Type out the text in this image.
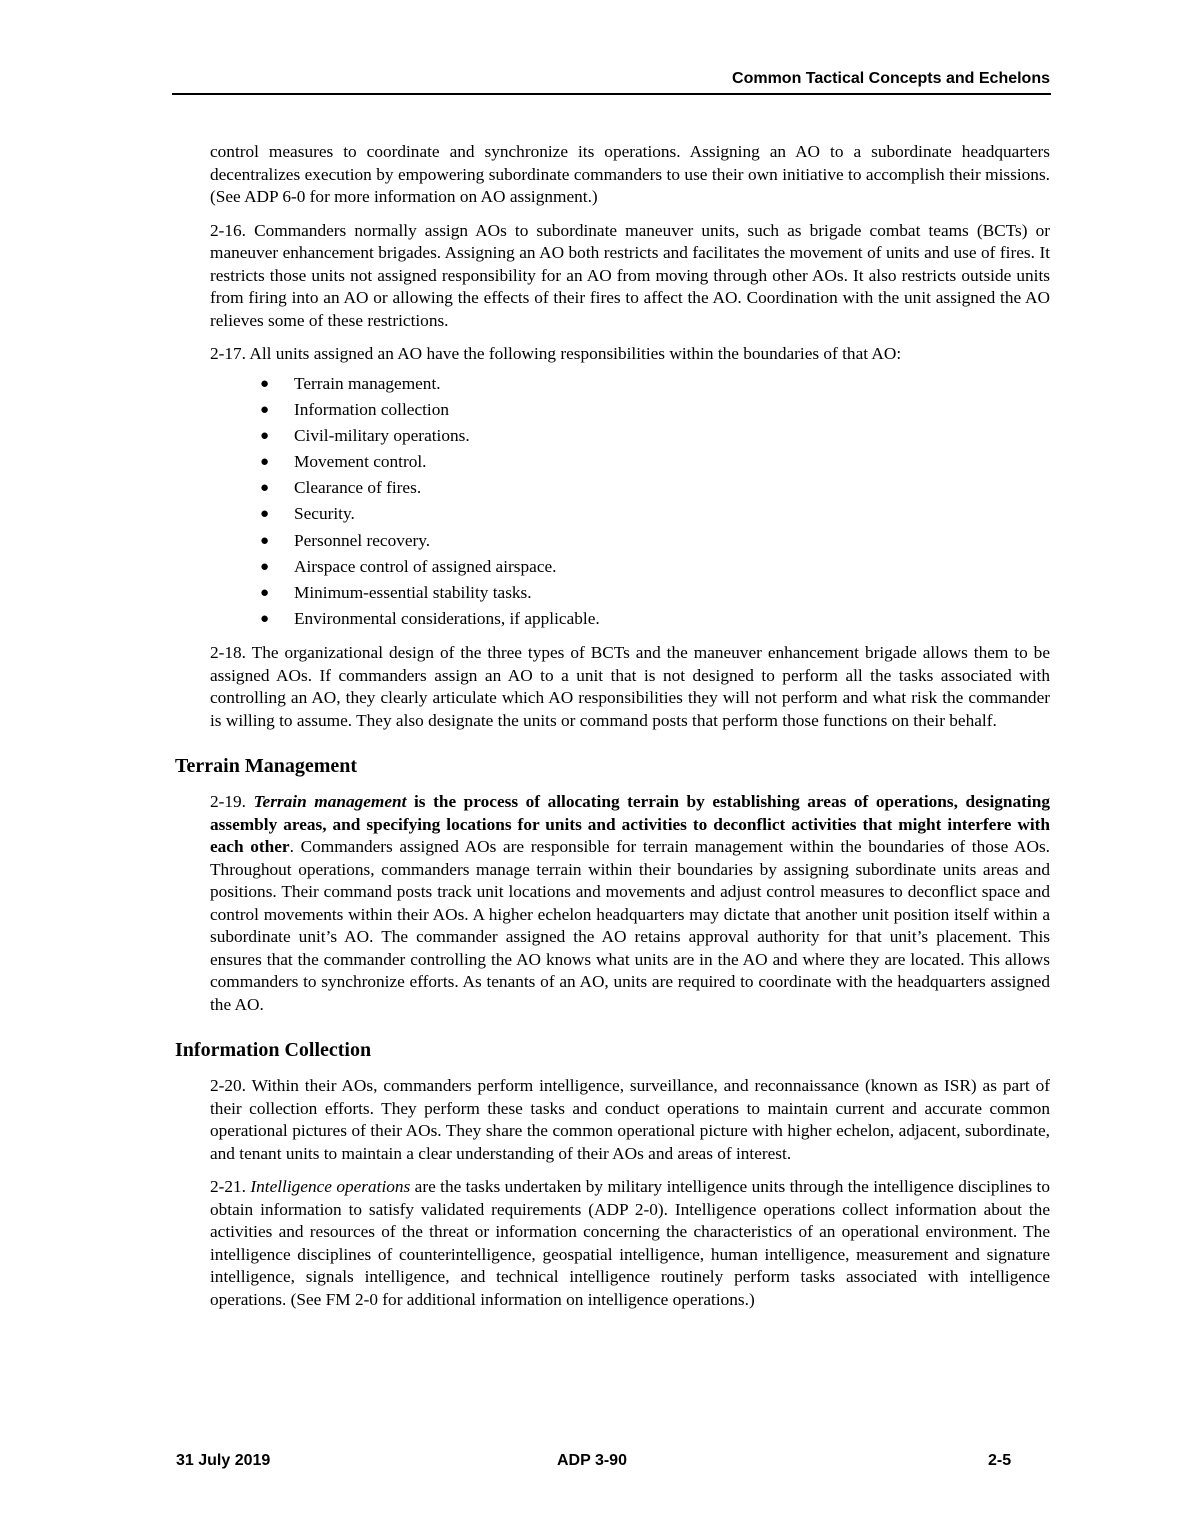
Common Tactical Concepts and Echelons

control measures to coordinate and synchronize its operations. Assigning an AO to a subordinate headquarters decentralizes execution by empowering subordinate commanders to use their own initiative to accomplish their missions. (See ADP 6-0 for more information on AO assignment.)

2-16. Commanders normally assign AOs to subordinate maneuver units, such as brigade combat teams (BCTs) or maneuver enhancement brigades. Assigning an AO both restricts and facilitates the movement of units and use of fires. It restricts those units not assigned responsibility for an AO from moving through other AOs. It also restricts outside units from firing into an AO or allowing the effects of their fires to affect the AO. Coordination with the unit assigned the AO relieves some of these restrictions.

2-17. All units assigned an AO have the following responsibilities within the boundaries of that AO:

● Terrain management.
● Information collection
● Civil-military operations.
● Movement control.
● Clearance of fires.
● Security.
● Personnel recovery.
● Airspace control of assigned airspace.
● Minimum-essential stability tasks.
● Environmental considerations, if applicable.

2-18. The organizational design of the three types of BCTs and the maneuver enhancement brigade allows them to be assigned AOs. If commanders assign an AO to a unit that is not designed to perform all the tasks associated with controlling an AO, they clearly articulate which AO responsibilities they will not perform and what risk the commander is willing to assume. They also designate the units or command posts that perform those functions on their behalf.

Terrain Management

2-19. Terrain management is the process of allocating terrain by establishing areas of operations, designating assembly areas, and specifying locations for units and activities to deconflict activities that might interfere with each other. Commanders assigned AOs are responsible for terrain management within the boundaries of those AOs. Throughout operations, commanders manage terrain within their boundaries by assigning subordinate units areas and positions. Their command posts track unit locations and movements and adjust control measures to deconflict space and control movements within their AOs. A higher echelon headquarters may dictate that another unit position itself within a subordinate unit’s AO. The commander assigned the AO retains approval authority for that unit’s placement. This ensures that the commander controlling the AO knows what units are in the AO and where they are located. This allows commanders to synchronize efforts. As tenants of an AO, units are required to coordinate with the headquarters assigned the AO.

Information Collection

2-20. Within their AOs, commanders perform intelligence, surveillance, and reconnaissance (known as ISR) as part of their collection efforts. They perform these tasks and conduct operations to maintain current and accurate common operational pictures of their AOs. They share the common operational picture with higher echelon, adjacent, subordinate, and tenant units to maintain a clear understanding of their AOs and areas of interest.

2-21. Intelligence operations are the tasks undertaken by military intelligence units through the intelligence disciplines to obtain information to satisfy validated requirements (ADP 2-0). Intelligence operations collect information about the activities and resources of the threat or information concerning the characteristics of an operational environment. The intelligence disciplines of counterintelligence, geospatial intelligence, human intelligence, measurement and signature intelligence, signals intelligence, and technical intelligence routinely perform tasks associated with intelligence operations. (See FM 2-0 for additional information on intelligence operations.)

31 July 2019	ADP 3-90	2-5
